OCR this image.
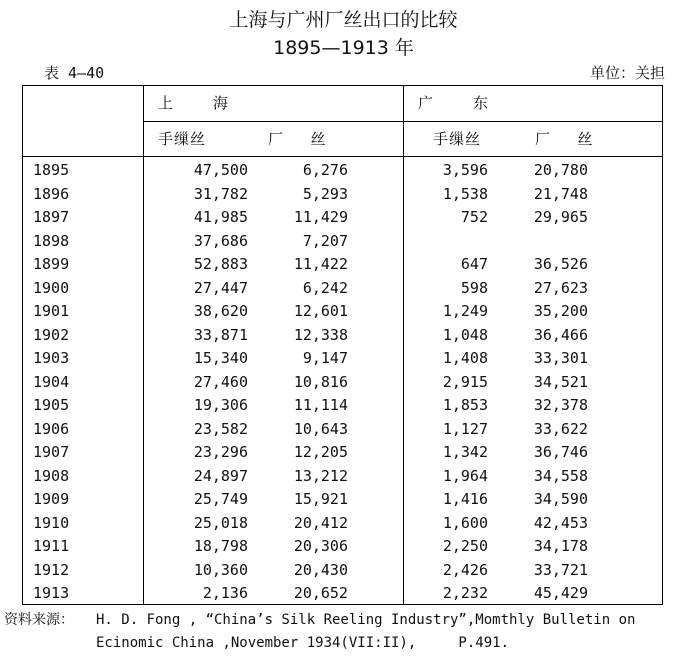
上海与广州厂丝出口的比较
1895—1913 年
表 4—40	单位：关担
上	海	广	东
手缫丝	厂  丝	手缫丝	厂  丝
1895	47,500	6,276	3,596	20,780
1896	31,782	5,293	1,538	21,748
1897	41,985	11,429	752	29,965
1898	37,686	7,207
1899	52,883	11,422	647	36,526
1900	27,447	6,242	598	27,623
1901	38,620	12,601	1,249	35,200
1902	33,871	12,338	1,048	36,466
1903	15,340	9,147	1,408	33,301
1904	27,460	10,816	2,915	34,521
1905	19,306	11,114	1,853	32,378
1906	23,582	10,643	1,127	33,622
1907	23,296	12,205	1,342	36,746
1908	24,897	13,212	1,964	34,558
1909	25,749	15,921	1,416	34,590
1910	25,018	20,412	1,600	42,453
1911	18,798	20,306	2,250	34,178
1912	10,360	20,430	2,426	33,721
1913	2,136	20,652	2,232	45,429
资料来源： H. D. Fong , “China’s Silk Reeling Industry”,Momthly Bulletin on
Ecinomic China ,November 1934(VII:II),     P.491.
